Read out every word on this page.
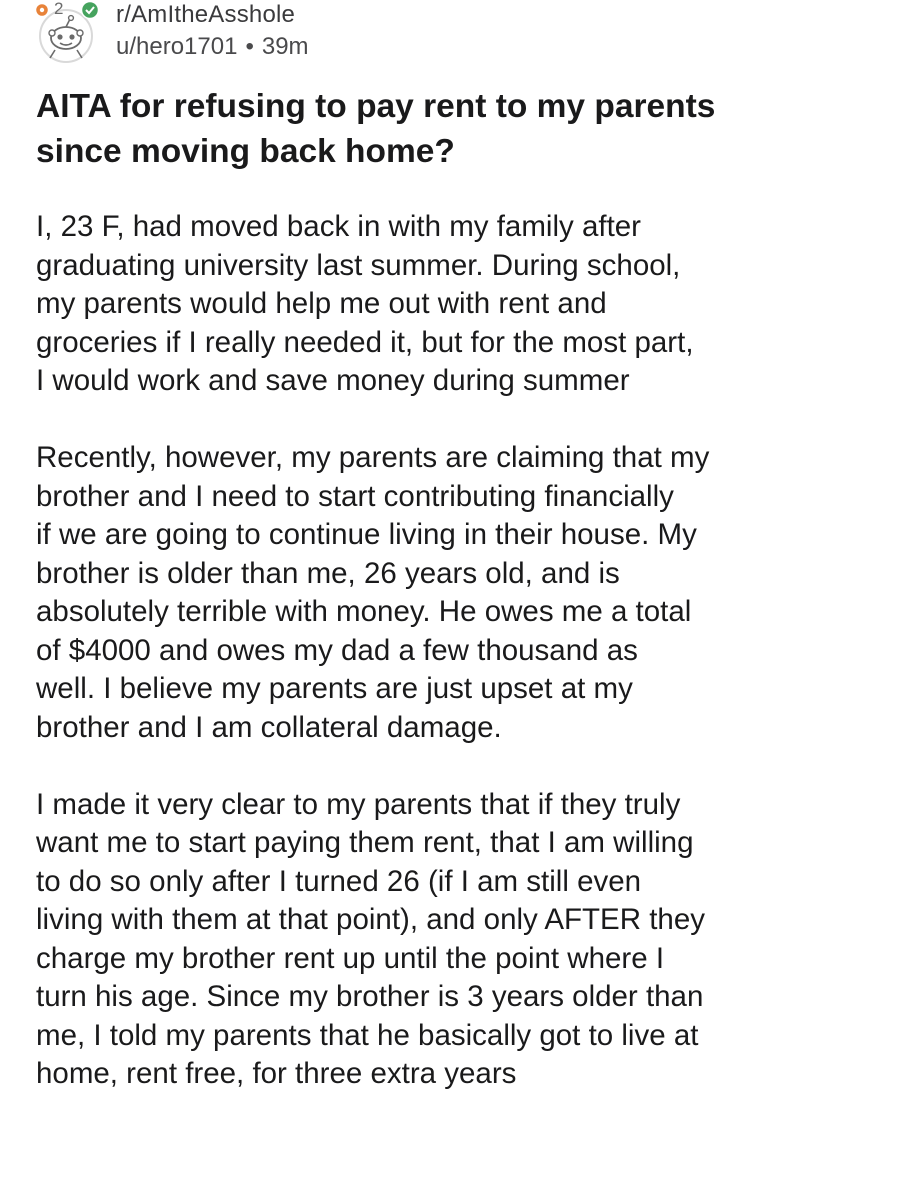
2 r/AmItheAsshole
u/hero1701 • 39m
AITA for refusing to pay rent to my parents
since moving back home?

I, 23 F, had moved back in with my family after
graduating university last summer. During school,
my parents would help me out with rent and
groceries if I really needed it, but for the most part,
I would work and save money during summer

Recently, however, my parents are claiming that my
brother and I need to start contributing financially
if we are going to continue living in their house. My
brother is older than me, 26 years old, and is
absolutely terrible with money. He owes me a total
of $4000 and owes my dad a few thousand as
well. I believe my parents are just upset at my
brother and I am collateral damage.

I made it very clear to my parents that if they truly
want me to start paying them rent, that I am willing
to do so only after I turned 26 (if I am still even
living with them at that point), and only AFTER they
charge my brother rent up until the point where I
turn his age. Since my brother is 3 years older than
me, I told my parents that he basically got to live at
home, rent free, for three extra years
